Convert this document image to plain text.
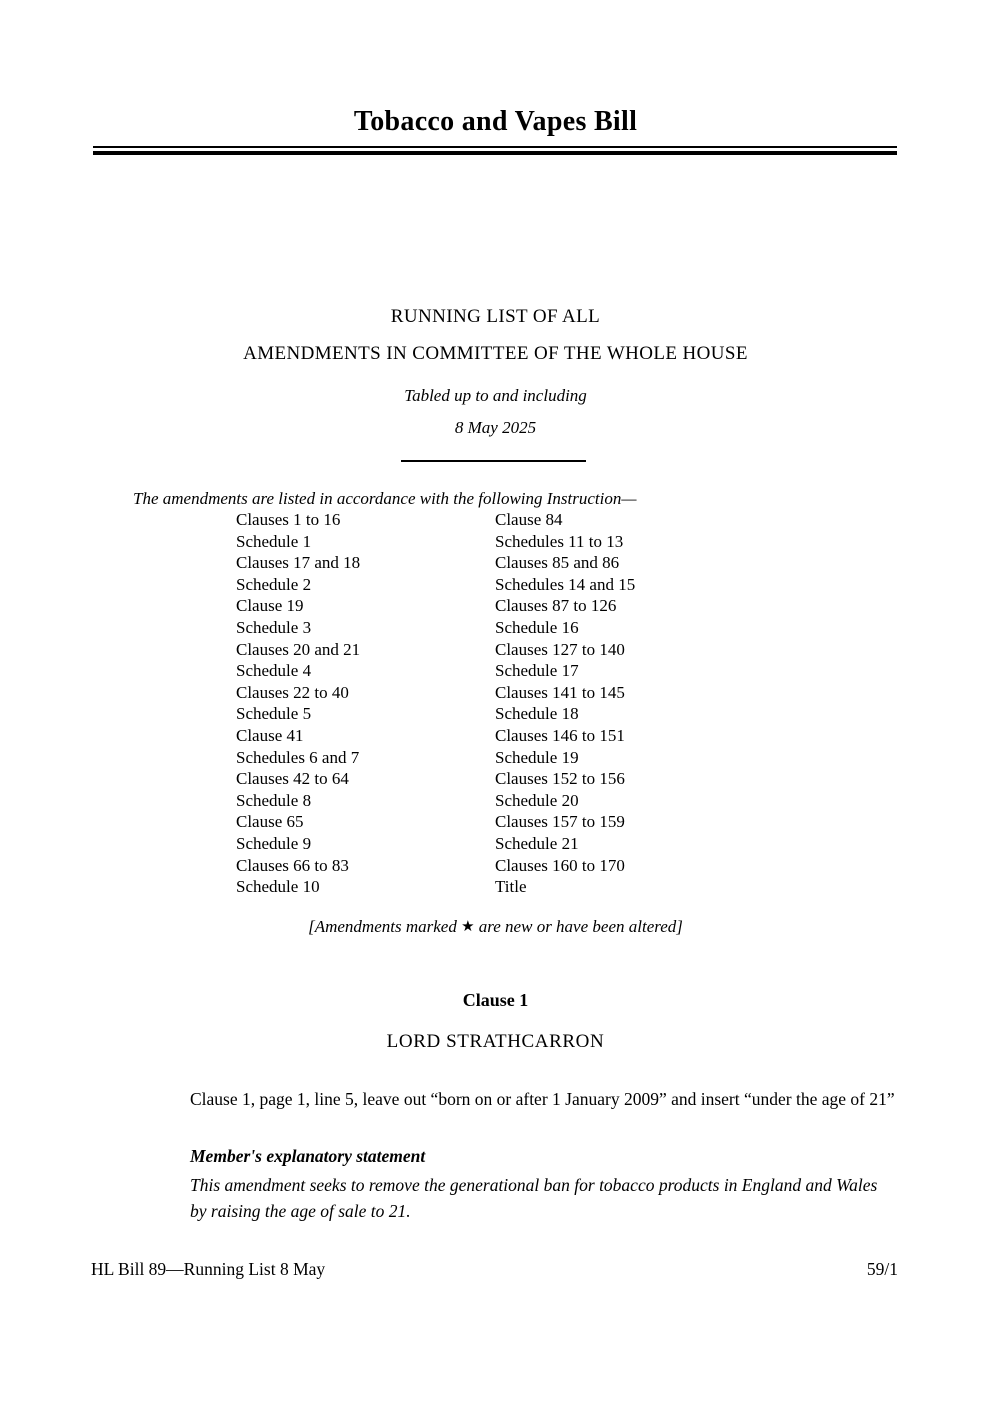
Tobacco and Vapes Bill
RUNNING LIST OF ALL
AMENDMENTS IN COMMITTEE OF THE WHOLE HOUSE
Tabled up to and including
8 May 2025
The amendments are listed in accordance with the following Instruction—
Clauses 1 to 16
Schedule 1
Clauses 17 and 18
Schedule 2
Clause 19
Schedule 3
Clauses 20 and 21
Schedule 4
Clauses 22 to 40
Schedule 5
Clause 41
Schedules 6 and 7
Clauses 42 to 64
Schedule 8
Clause 65
Schedule 9
Clauses 66 to 83
Schedule 10
Clause 84
Schedules 11 to 13
Clauses 85 and 86
Schedules 14 and 15
Clauses 87 to 126
Schedule 16
Clauses 127 to 140
Schedule 17
Clauses 141 to 145
Schedule 18
Clauses 146 to 151
Schedule 19
Clauses 152 to 156
Schedule 20
Clauses 157 to 159
Schedule 21
Clauses 160 to 170
Title
[Amendments marked ★ are new or have been altered]
Clause 1
LORD STRATHCARRON
Clause 1, page 1, line 5, leave out “born on or after 1 January 2009” and insert “under the age of 21”
Member's explanatory statement
This amendment seeks to remove the generational ban for tobacco products in England and Wales by raising the age of sale to 21.
HL Bill 89—Running List 8 May	59/1
